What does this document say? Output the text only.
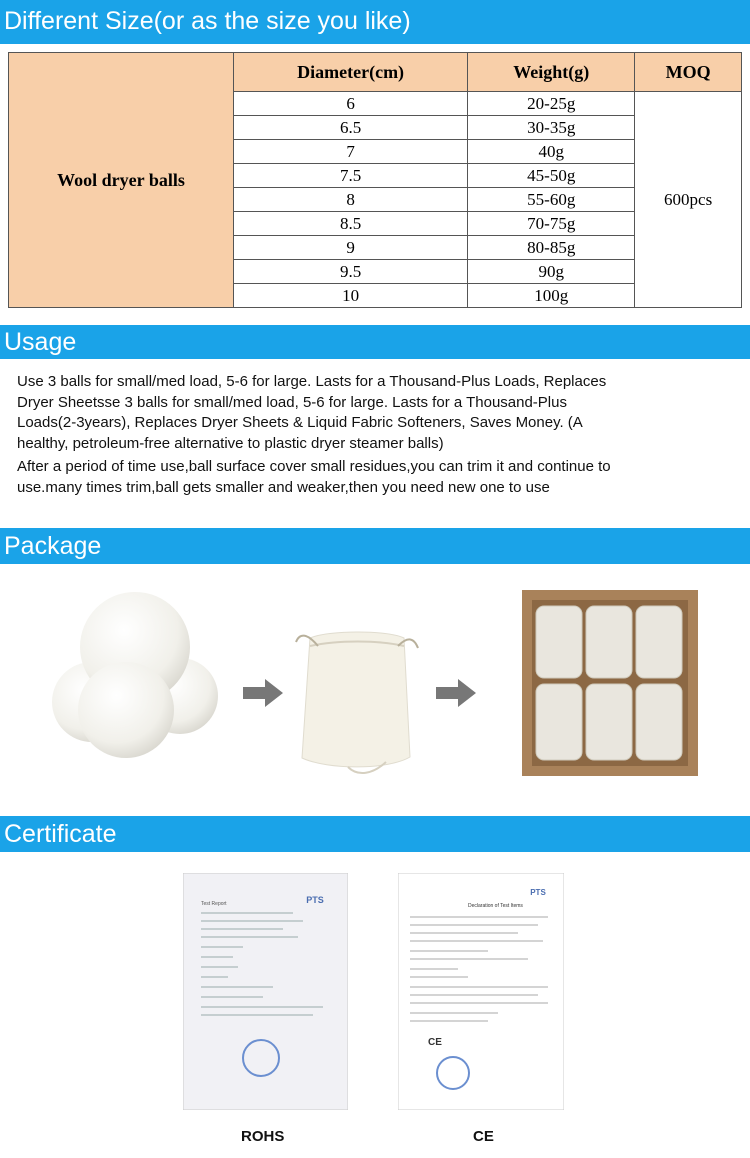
Different Size(or as the size you like)
Wool dryer balls	Diameter(cm)	Weight(g)	MOQ
	6	20-25g	600pcs
	6.5	30-35g	
	7	40g	
	7.5	45-50g	
	8	55-60g	
	8.5	70-75g	
	9	80-85g	
	9.5	90g	
	10	100g	
Usage

Use 3 balls for small/med load, 5-6 for large. Lasts for a Thousand-Plus Loads, Replaces Dryer Sheetsse 3 balls for small/med load, 5-6 for large. Lasts for a Thousand-Plus Loads(2-3years), Replaces Dryer Sheets & Liquid Fabric Softeners, Saves Money. (A healthy, petroleum-free alternative to plastic dryer steamer balls)

After a period of time use,ball surface cover small residues,you can trim it and continue to use.many times trim,ball gets smaller and weaker,then you need new one to use

Package
Certificate
PTS
Test Report
PTS
Declaration of Test Items
CE
ROHS	CE
